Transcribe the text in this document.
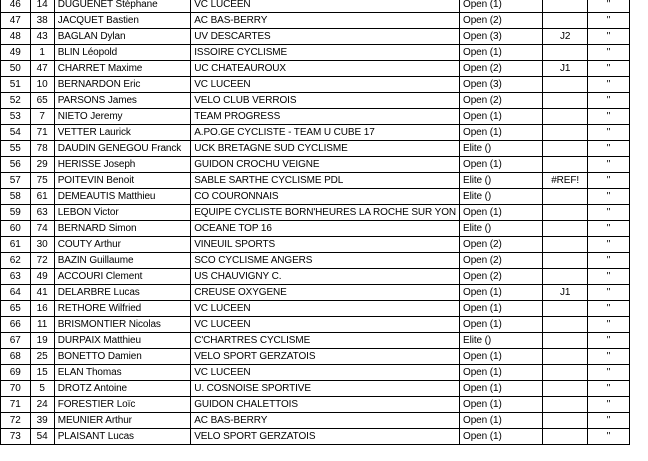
46	14	DUGUENET Stéphane		VC LUCEEN	Open (1)		"	
47	38	JACQUET Bastien		AC BAS-BERRY	Open (2)		"	
48	43	BAGLAN Dylan		UV DESCARTES	Open (3)	J2	"	
49	1	BLIN Léopold		ISSOIRE CYCLISME	Open (1)		"	
50	47	CHARRET Maxime		UC CHATEAUROUX	Open (2)	J1	"	
51	10	BERNARDON Eric		VC LUCEEN	Open (3)		"	
52	65	PARSONS James		VELO CLUB VERROIS	Open (2)		"	
53	7	NIETO Jeremy		TEAM PROGRESS	Open (1)		"	
54	71	VETTER Laurick		A.PO.GE CYCLISTE - TEAM U CUBE 17	Open (1)		"	
55	78	DAUDIN GENEGOU Franck		UCK BRETAGNE SUD CYCLISME	Elite ()		"	
56	29	HERISSE Joseph		GUIDON CROCHU VEIGNE	Open (1)		"	
57	75	POITEVIN Benoit		SABLE SARTHE CYCLISME PDL	Elite ()	#REF!	"	
58	61	DEMEAUTIS Matthieu		CO COURONNAIS	Elite ()		"	
59	63	LEBON Victor		EQUIPE CYCLISTE BORN'HEURES LA ROCHE SUR YON	Open (1)		"	
60	74	BERNARD Simon		OCEANE TOP 16	Elite ()		"	
61	30	COUTY Arthur		VINEUIL SPORTS	Open (2)		"	
62	72	BAZIN Guillaume		SCO CYCLISME ANGERS	Open (2)		"	
63	49	ACCOURI Clement		US CHAUVIGNY C.	Open (2)		"	
64	41	DELARBRE Lucas		CREUSE OXYGENE	Open (1)	J1	"	
65	16	RETHORE Wilfried		VC LUCEEN	Open (1)		"	
66	11	BRISMONTIER Nicolas		VC LUCEEN	Open (1)		"	
67	19	DURPAIX Matthieu		C'CHARTRES CYCLISME	Elite ()		"	
68	25	BONETTO Damien		VELO SPORT GERZATOIS	Open (1)		"	
69	15	ELAN Thomas		VC LUCEEN	Open (1)		"	
70	5	DROTZ Antoine		U. COSNOISE SPORTIVE	Open (1)		"	
71	24	FORESTIER Loïc		GUIDON CHALETTOIS	Open (1)		"	
72	39	MEUNIER Arthur		AC BAS-BERRY	Open (1)		"	
73	54	PLAISANT Lucas		VELO SPORT GERZATOIS	Open (1)		"	
